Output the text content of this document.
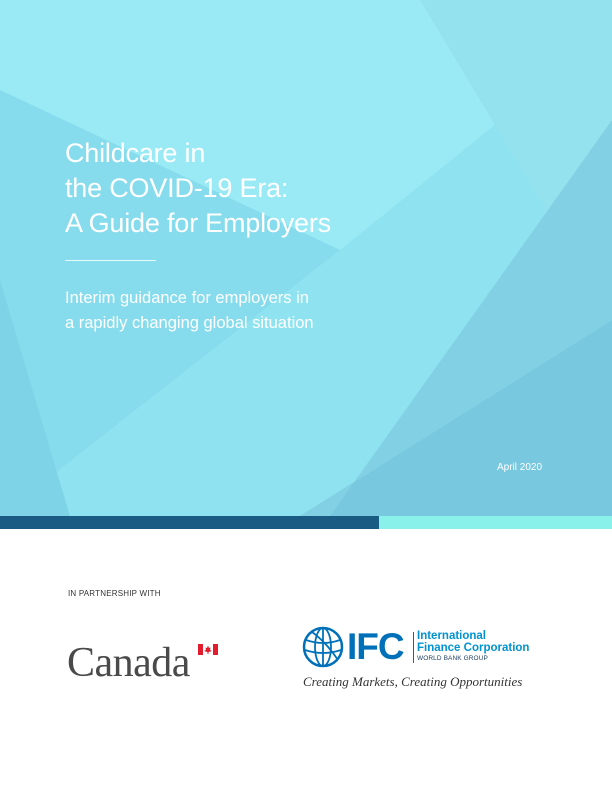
Childcare in
the COVID-19 Era:
A Guide for Employers

Interim guidance for employers in
a rapidly changing global situation

April 2020
IN PARTNERSHIP WITH
Canada	IFC International
Finance Corporation
WORLD BANK GROUP
Creating Markets, Creating Opportunities
